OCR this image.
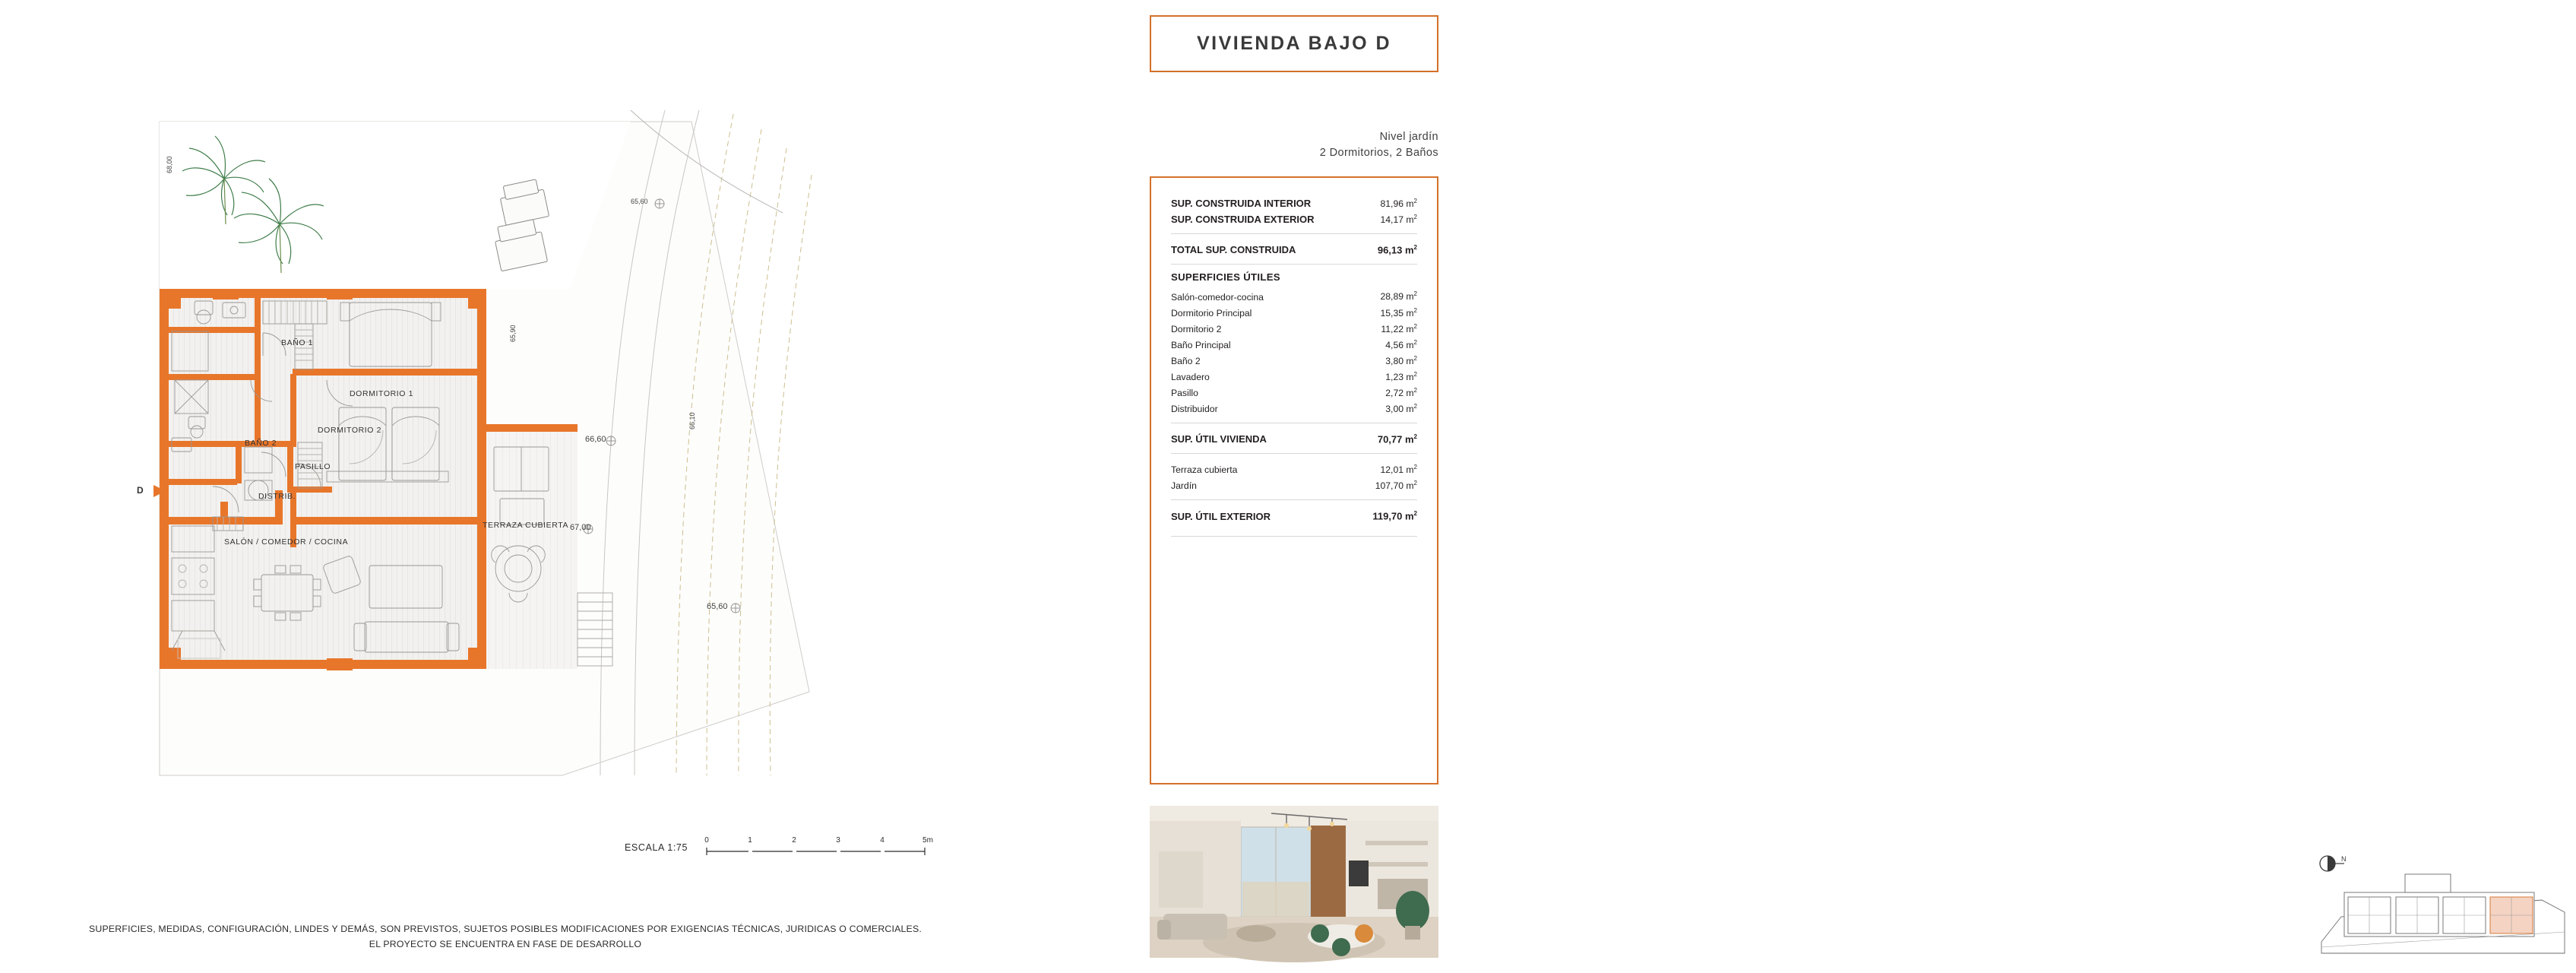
BAÑO 1
BAÑO 2
PASILLO
DISTRIB.
DORMITORIO 1
DORMITORIO 2
SALÓN / COMEDOR / COCINA
TERRAZA CUBIERTA
D
68,00
65,60
65,90
66,10
66,60
67,00
65,60
ESCALA 1:75
0	1	2	3	4	5m
SUPERFICIES, MEDIDAS, CONFIGURACIÓN, LINDES Y DEMÁS, SON PREVISTOS, SUJETOS POSIBLES MODIFICACIONES POR EXIGENCIAS TÉCNICAS, JURIDICAS O COMERCIALES.
EL PROYECTO SE ENCUENTRA EN FASE DE DESARROLLO
VIVIENDA BAJO D
Nivel jardín
2 Dormitorios, 2 Baños
SUP. CONSTRUIDA INTERIOR	81,96 $m^2$
SUP. CONSTRUIDA EXTERIOR	14,17 $m^2$
TOTAL SUP. CONSTRUIDA	96,13 $m^2$
SUPERFICIES ÚTILES
Salón-comedor-cocina	28,89 $m^2$
Dormitorio Principal	15,35 $m^2$
Dormitorio 2	11,22 $m^2$
Baño Principal	4,56 $m^2$
Baño 2	3,80 $m^2$
Lavadero	1,23 $m^2$
Pasillo	2,72 $m^2$
Distribuidor	3,00 $m^2$
SUP. ÚTIL VIVIENDA	70,77 $m^2$
Terraza cubierta	12,01 $m^2$
Jardín	107,70 $m^2$
SUP. ÚTIL EXTERIOR	119,70 $m^2$
N
